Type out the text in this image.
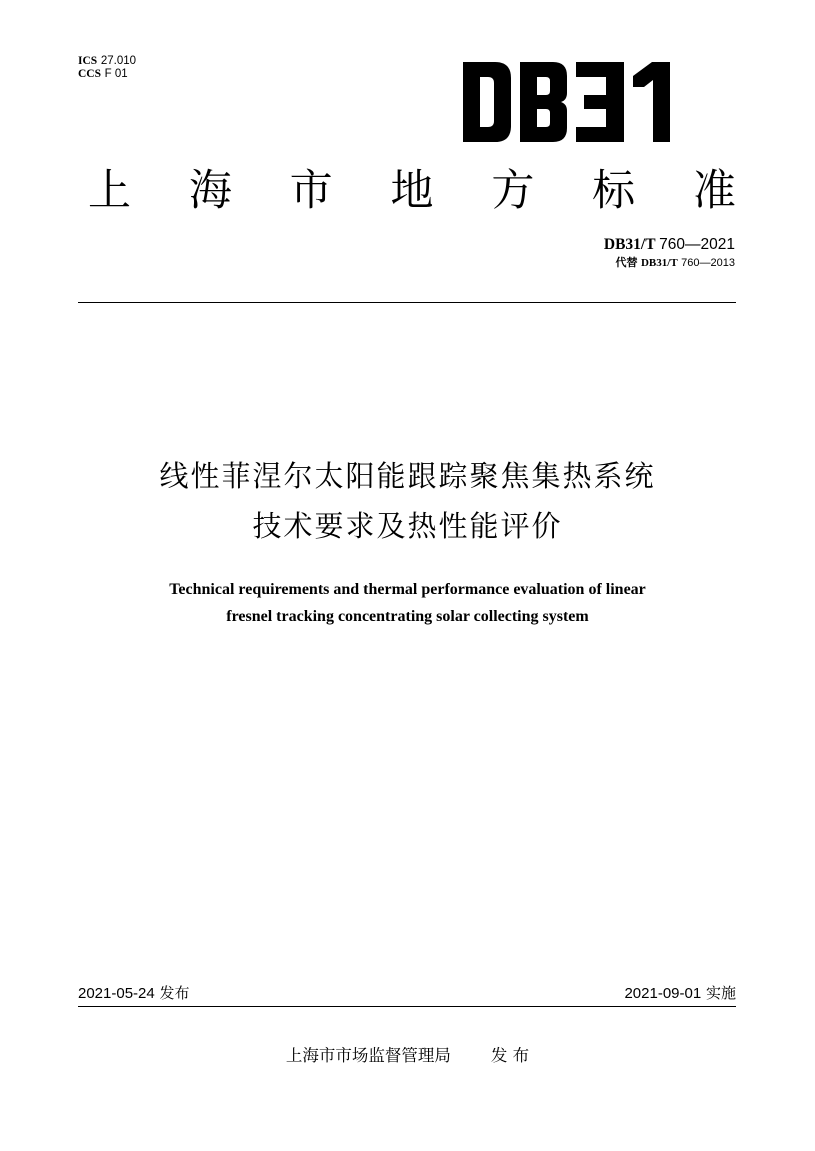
ICS 27.010
CCS F 01
上 海 市 地 方 标 准
DB31/T 760—2021
代替 DB31/T 760—2013
线性菲涅尔太阳能跟踪聚焦集热系统
技术要求及热性能评价
Technical requirements and thermal performance evaluation of linear
fresnel tracking concentrating solar collecting system
2021-05-24 发布	2021-09-01 实施
上海市市场监督管理局 发 布
